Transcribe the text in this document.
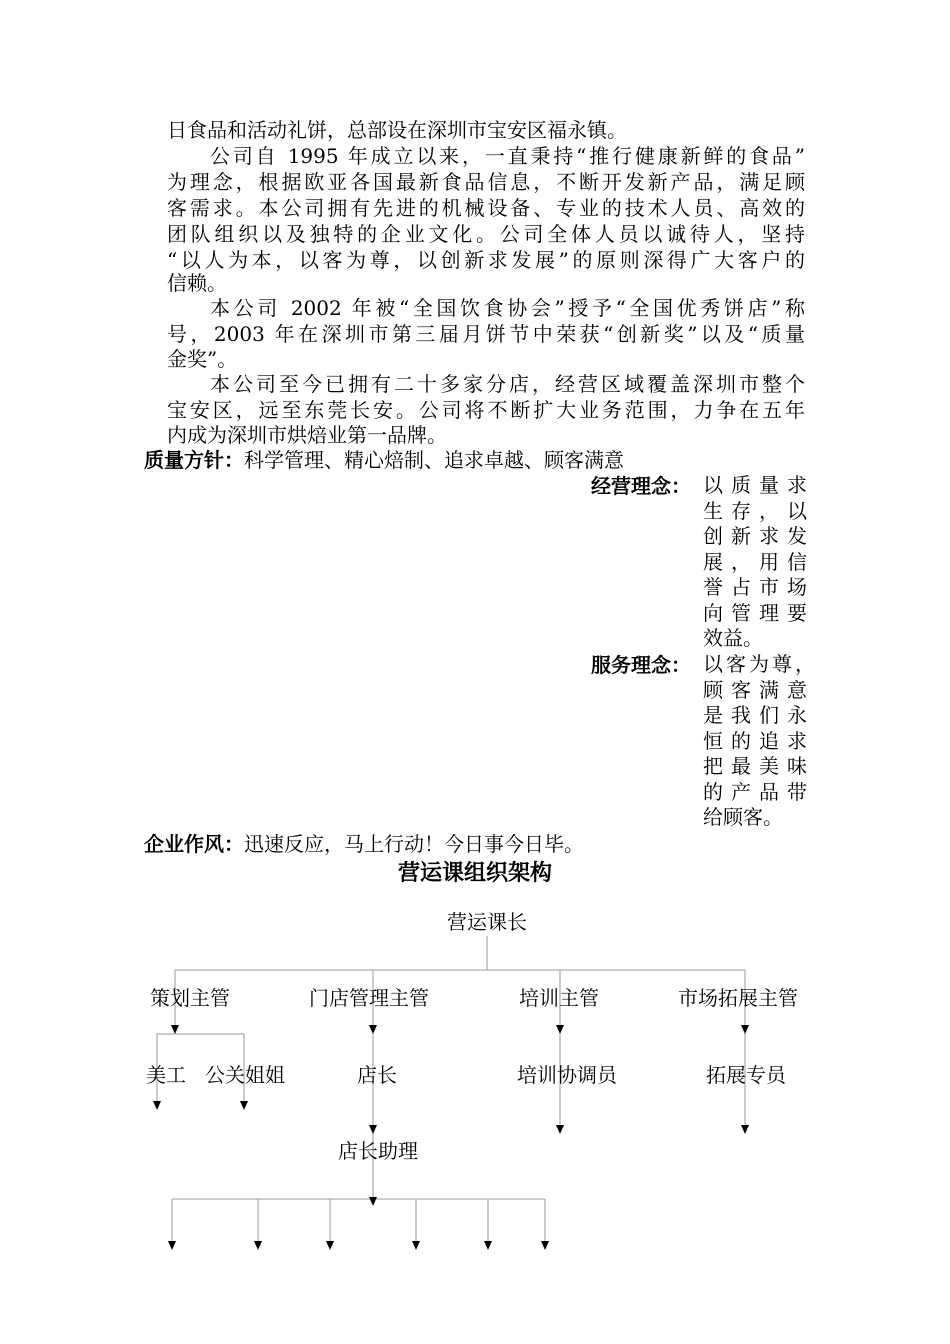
日食品和活动礼饼，总部设在深圳市宝安区福永镇。
公司自 1995 年成立以来，一直秉持“推行健康新鲜的食品”
为理念，根据欧亚各国最新食品信息，不断开发新产品，满足顾
客需求。本公司拥有先进的机械设备、专业的技术人员、高效的
团队组织以及独特的企业文化。公司全体人员以诚待人，坚持
“以人为本，以客为尊，以创新求发展”的原则深得广大客户的
信赖。
本公司 2002 年被“全国饮食协会”授予“全国优秀饼店”称
号，2003 年在深圳市第三届月饼节中荣获“创新奖”以及“质量
金奖”。
本公司至今已拥有二十多家分店，经营区域覆盖深圳市整个
宝安区，远至东莞长安。公司将不断扩大业务范围，力争在五年
内成为深圳市烘焙业第一品牌。
质量方针：科学管理、精心焙制、追求卓越、顾客满意
经营理念： 以质量求
生存，以
创新求发
展，用信
誉占市场
向管理要
效益。
服务理念： 以客为尊，
顾客满意
是我们永
恒的追求
把最美味
的产品带
给顾客。
企业作风：迅速反应，马上行动！今日事今日毕。
营运课组织架构
营运课长
策划主管	门店管理主管	培训主管	市场拓展主管
美工 公关姐姐	店长	培训协调员	拓展专员
店长助理
